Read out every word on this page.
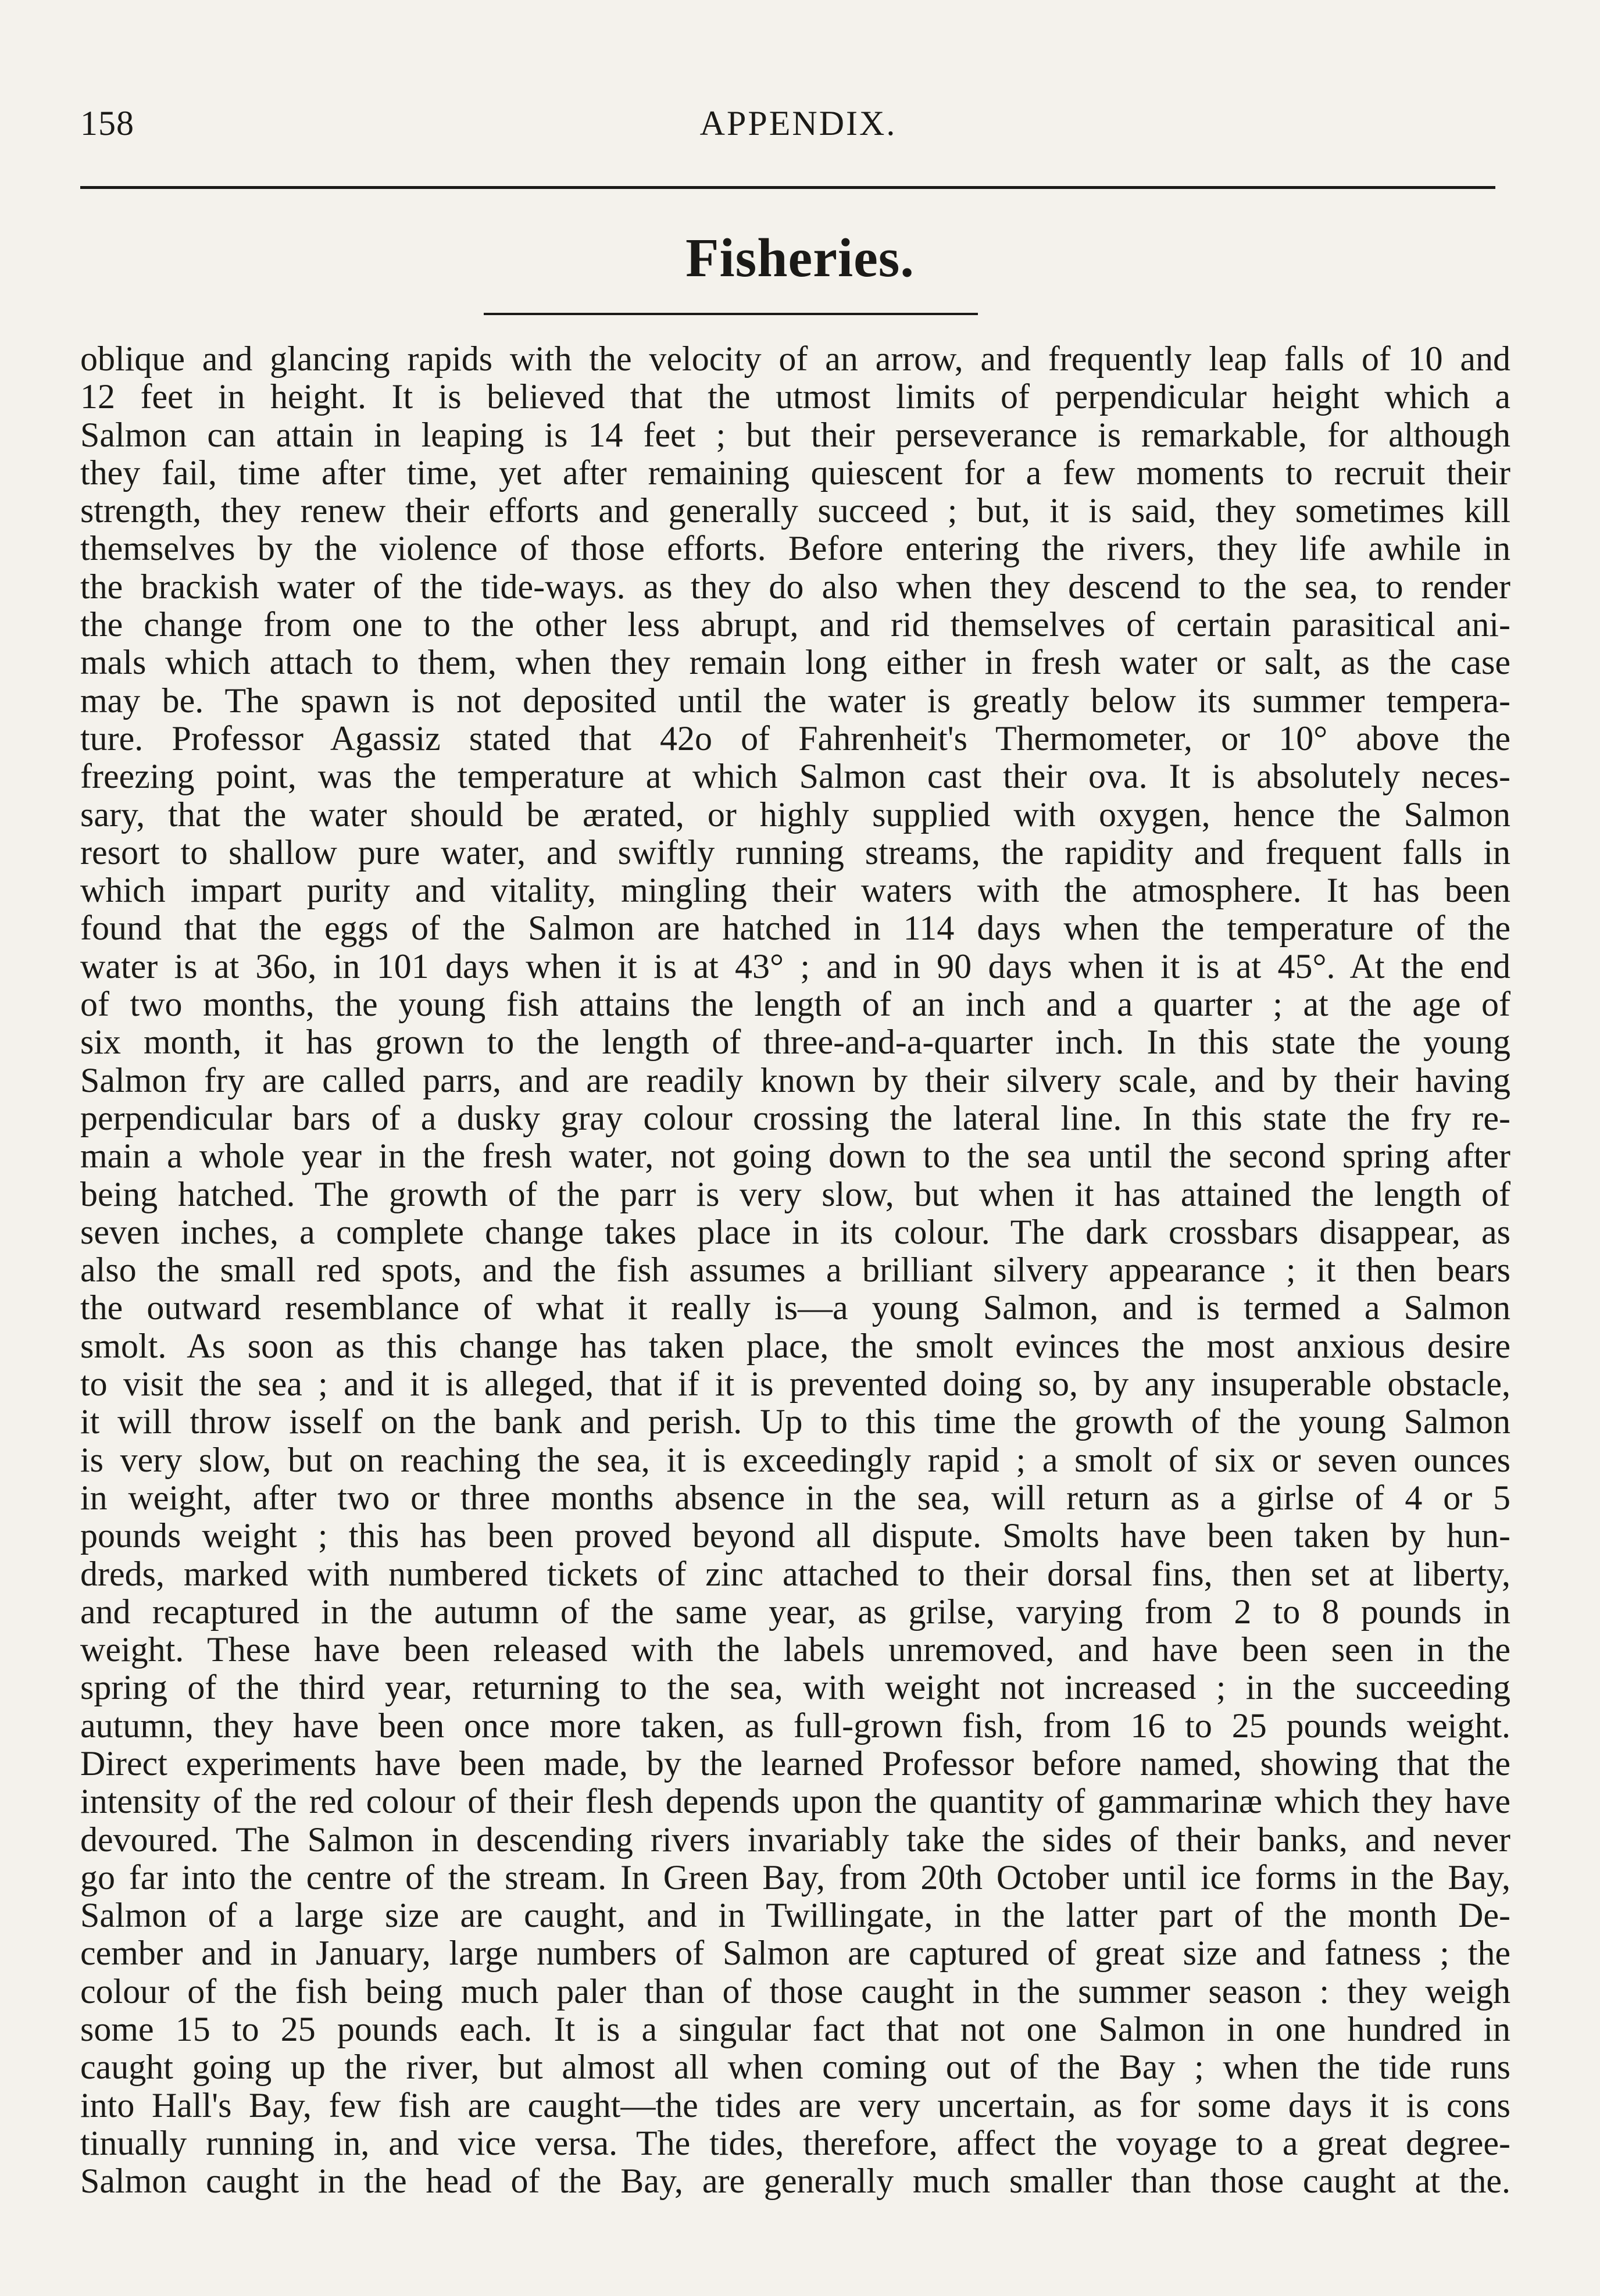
158	APPENDIX.
Fisheries.
oblique and glancing rapids with the velocity of an arrow, and frequently leap falls of 10 and
12 feet in height. It is believed that the utmost limits of perpendicular height which a
Salmon can attain in leaping is 14 feet ; but their perseverance is remarkable, for although
they fail, time after time, yet after remaining quiescent for a few moments to recruit their
strength, they renew their efforts and generally succeed ; but, it is said, they sometimes kill
themselves by the violence of those efforts. Before entering the rivers, they life awhile in
the brackish water of the tide-ways. as they do also when they descend to the sea, to render
the change from one to the other less abrupt, and rid themselves of certain parasitical ani-
mals which attach to them, when they remain long either in fresh water or salt, as the case
may be. The spawn is not deposited until the water is greatly below its summer tempera-
ture. Professor Agassiz stated that 42o of Fahrenheit's Thermometer, or 10° above the
freezing point, was the temperature at which Salmon cast their ova. It is absolutely neces-
sary, that the water should be ærated, or highly supplied with oxygen, hence the Salmon
resort to shallow pure water, and swiftly running streams, the rapidity and frequent falls in
which impart purity and vitality, mingling their waters with the atmosphere. It has been
found that the eggs of the Salmon are hatched in 114 days when the temperature of the
water is at 36o, in 101 days when it is at 43° ; and in 90 days when it is at 45°. At the end
of two months, the young fish attains the length of an inch and a quarter ; at the age of
six month, it has grown to the length of three-and-a-quarter inch. In this state the young
Salmon fry are called parrs, and are readily known by their silvery scale, and by their having
perpendicular bars of a dusky gray colour crossing the lateral line. In this state the fry re-
main a whole year in the fresh water, not going down to the sea until the second spring after
being hatched. The growth of the parr is very slow, but when it has attained the length of
seven inches, a complete change takes place in its colour. The dark crossbars disappear, as
also the small red spots, and the fish assumes a brilliant silvery appearance ; it then bears
the outward resemblance of what it really is—a young Salmon, and is termed a Salmon
smolt. As soon as this change has taken place, the smolt evinces the most anxious desire
to visit the sea ; and it is alleged, that if it is prevented doing so, by any insuperable obstacle,
it will throw isself on the bank and perish. Up to this time the growth of the young Salmon
is very slow, but on reaching the sea, it is exceedingly rapid ; a smolt of six or seven ounces
in weight, after two or three months absence in the sea, will return as a girlse of 4 or 5
pounds weight ; this has been proved beyond all dispute. Smolts have been taken by hun-
dreds, marked with numbered tickets of zinc attached to their dorsal fins, then set at liberty,
and recaptured in the autumn of the same year, as grilse, varying from 2 to 8 pounds in
weight. These have been released with the labels unremoved, and have been seen in the
spring of the third year, returning to the sea, with weight not increased ; in the succeeding
autumn, they have been once more taken, as full-grown fish, from 16 to 25 pounds weight.
Direct experiments have been made, by the learned Professor before named, showing that the
intensity of the red colour of their flesh depends upon the quantity of gammarinæ which they have
devoured. The Salmon in descending rivers invariably take the sides of their banks, and never
go far into the centre of the stream. In Green Bay, from 20th October until ice forms in the Bay,
Salmon of a large size are caught, and in Twillingate, in the latter part of the month De-
cember and in January, large numbers of Salmon are captured of great size and fatness ; the
colour of the fish being much paler than of those caught in the summer season : they weigh
some 15 to 25 pounds each. It is a singular fact that not one Salmon in one hundred in
caught going up the river, but almost all when coming out of the Bay ; when the tide runs
into Hall's Bay, few fish are caught—the tides are very uncertain, as for some days it is cons
tinually running in, and vice versa. The tides, therefore, affect the voyage to a great degree-
Salmon caught in the head of the Bay, are generally much smaller than those caught at the.
